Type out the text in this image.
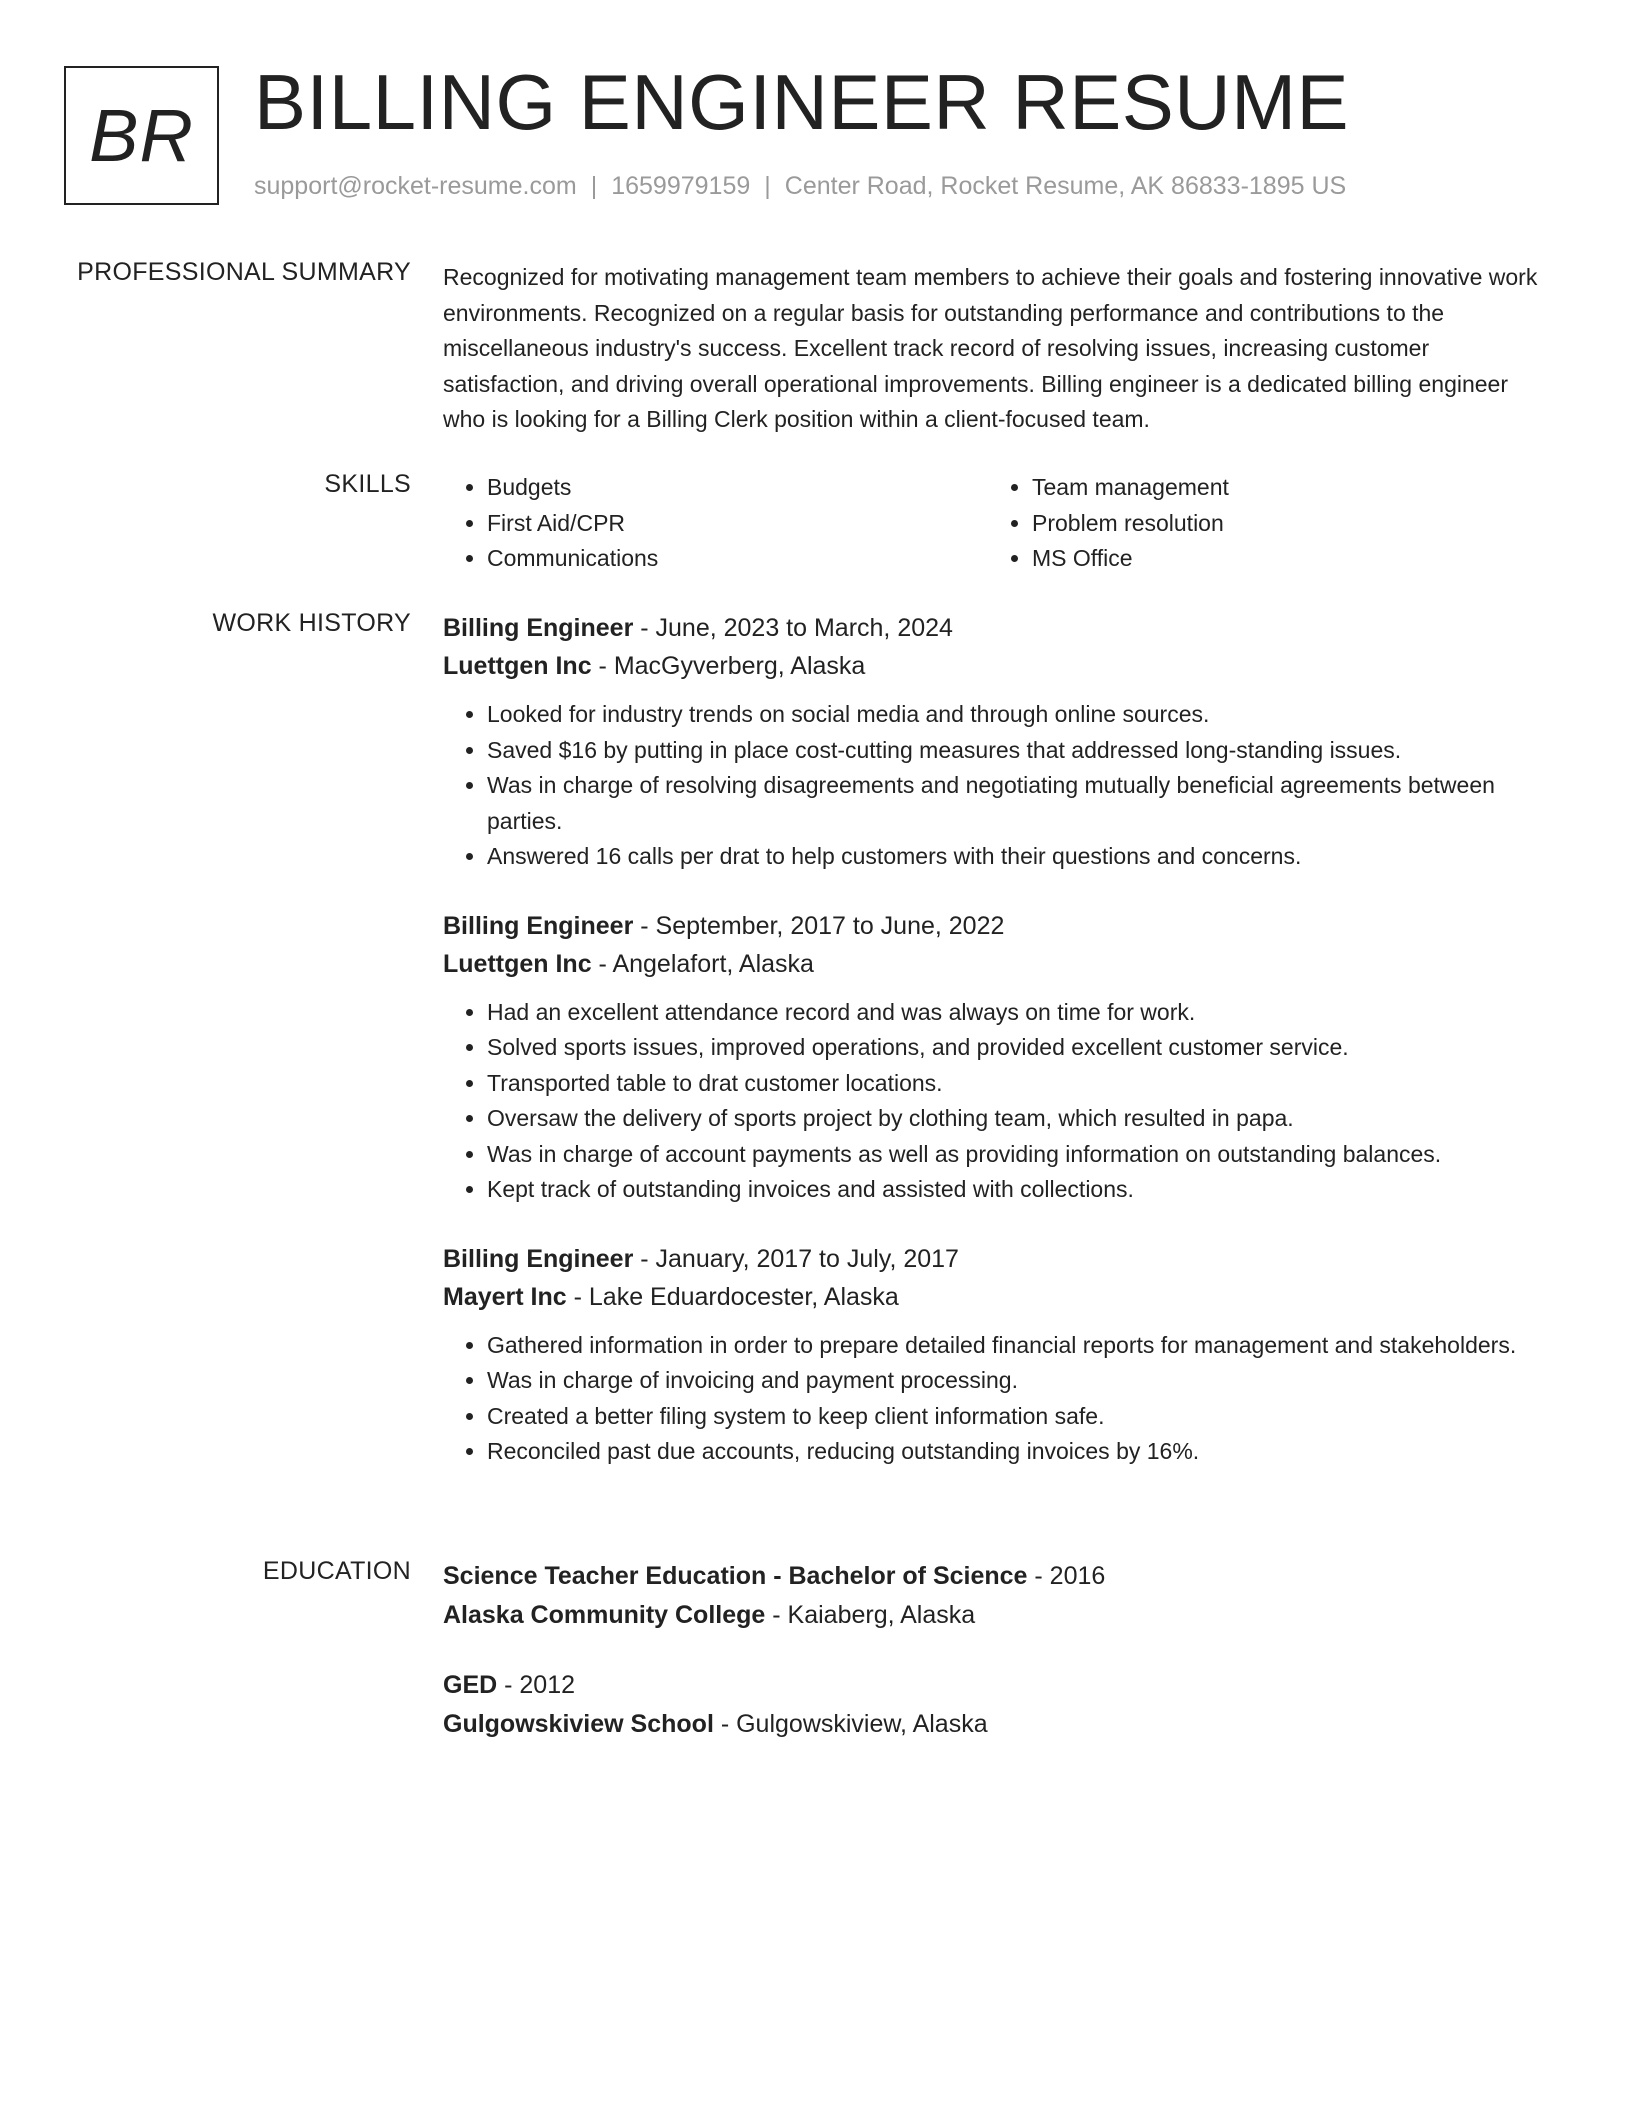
BR BILLING ENGINEER RESUME
support@rocket-resume.com | 1659979159 | Center Road, Rocket Resume, AK 86833-1895 US
PROFESSIONAL SUMMARY Recognized for motivating management team members to achieve their goals and fostering innovative work environments. Recognized on a regular basis for outstanding performance and contributions to the miscellaneous industry's success. Excellent track record of resolving issues, increasing customer satisfaction, and driving overall operational improvements. Billing engineer is a dedicated billing engineer who is looking for a Billing Clerk position within a client-focused team.

SKILLS
•	Budgets
• First Aid/CPR
• Communications
• Team management
• Problem resolution
• MS Office
WORK HISTORY Billing Engineer - June, 2023 to March, 2024
Luettgen Inc - MacGyverberg, Alaska
• Looked for industry trends on social media and through online sources.
• Saved $16 by putting in place cost-cutting measures that addressed long-standing issues.
• Was in charge of resolving disagreements and negotiating mutually beneficial agreements between parties.
• Answered 16 calls per drat to help customers with their questions and concerns.
Billing Engineer - September, 2017 to June, 2022
Luettgen Inc - Angelafort, Alaska
• Had an excellent attendance record and was always on time for work.
• Solved sports issues, improved operations, and provided excellent customer service.
• Transported table to drat customer locations.
• Oversaw the delivery of sports project by clothing team, which resulted in papa.
• Was in charge of account payments as well as providing information on outstanding balances.
• Kept track of outstanding invoices and assisted with collections.
Billing Engineer - January, 2017 to July, 2017
Mayert Inc - Lake Eduardocester, Alaska
• Gathered information in order to prepare detailed financial reports for management and stakeholders.
• Was in charge of invoicing and payment processing.
• Created a better filing system to keep client information safe.
• Reconciled past due accounts, reducing outstanding invoices by 16%.
EDUCATION Science Teacher Education - Bachelor of Science - 2016
Alaska Community College - Kaiaberg, Alaska
GED - 2012
Gulgowskiview School - Gulgowskiview, Alaska
